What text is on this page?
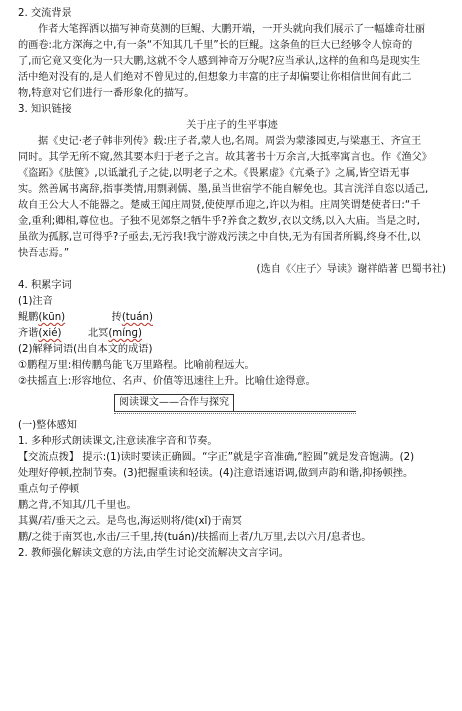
2. 交流背景
作者大笔挥洒以描写神奇莫测的巨鲲、大鹏开端，一开头就向我们展示了一幅雄奇壮丽
的画卷:北方深海之中,有一条“不知其几千里”长的巨鲲。这条鱼的巨大已经够令人惊奇的
了,而它竟又变化为一只大鹏,这就不令人感到神奇万分呢?应当承认,这样的鱼和鸟是现实生
活中绝对没有的,是人们绝对不曾见过的,但想象力丰富的庄子却偏要让你相信世间有此二
物,特意对它们进行一番形象化的描写。
3. 知识链接
关于庄子的生平事迹
据《史记·老子韩非列传》载:庄子者,蒙人也,名周。周尝为蒙漆园吏,与梁惠王、齐宣王
同时。其学无所不窥,然其要本归于老子之言。故其著书十万余言,大抵率寓言也。作《渔父》
《盗跖》《胠箧》,以诋訿孔子之徒,以明老子之术。《畏累虚》《亢桑子》之属,皆空语无事
实。然善属书离辞,指事类情,用剽剥儒、墨,虽当世宿学不能自解免也。其言洸洋自恣以适己,
故自王公大人不能器之。楚威王闻庄周贤,使使厚币迎之,许以为相。庄周笑谓楚使者曰:“千
金,重利;卿相,尊位也。子独不见郊祭之牺牛乎?养食之数岁,衣以文绣,以入大庙。当是之时,
虽欲为孤豚,岂可得乎?子亟去,无污我!我宁游戏污渎之中自快,无为有国者所羁,终身不仕,以
快吾志焉。”
(选自《〈庄子〉导读》谢祥皓著 巴蜀书社)
4. 积累字词
(1)注音
鲲鹏(kūn)	抟(tuán)
齐谐(xié)	北冥(mínɡ)
(2)解释词语(出自本文的成语)
①鹏程万里:相传鹏鸟能飞万里路程。比喻前程远大。
②扶摇直上:形容地位、名声、价值等迅速往上升。比喻仕途得意。
阅读课文——合作与探究
(一)整体感知
1. 多种形式朗读课文,注意读准字音和节奏。
【交流点拨】 提示:(1)读时要读正确圆。“字正”就是字音准确,“腔圆”就是发音饱满。(2)
处理好停顿,控制节奏。(3)把握重读和轻读。(4)注意语速语调,做到声韵和谐,抑扬顿挫。
重点句子停顿
鹏之背,不知其/几千里也。
其翼/若/垂天之云。是鸟也,海运则将/徙(xǐ)于南冥
鹏/之徙于南冥也,水击/三千里,抟(tuán)/扶摇而上者/九万里,去以六月/息者也。
2. 教师强化解读文意的方法,由学生讨论交流解决文言字词。
